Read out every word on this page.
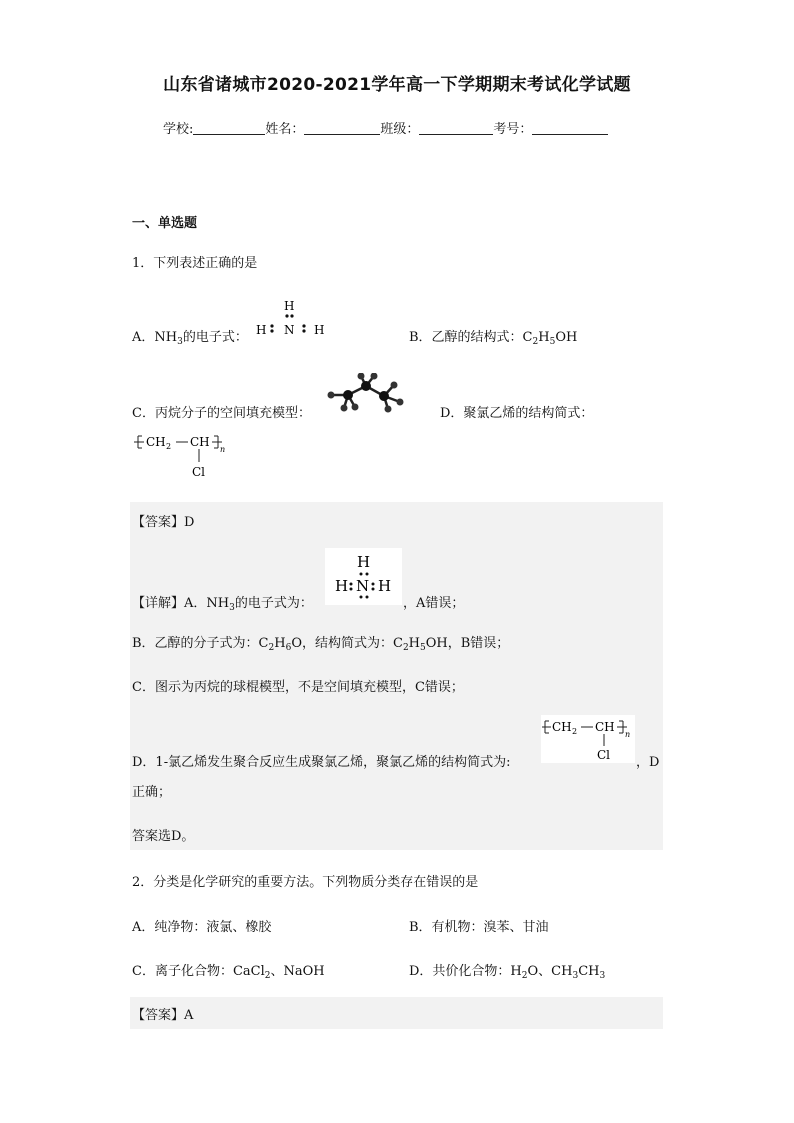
山东省诸城市2020-2021学年高一下学期期末考试化学试题
学校:	姓名：	班级：	考号：
一、单选题
1．下列表述正确的是
A．$NH_3$的电子式：
H
H N H	B．乙醇的结构式：$C_2H_5OH$
C．丙烷分子的空间填充模型：	D．聚氯乙烯的结构简式：
CH 2 CH
n
Cl
【答案】D
H
H N H
【详解】A．$NH_3$的电子式为：	，A错误；
B．乙醇的分子式为：$C_2H_6O$，结构简式为：$C_2H_5OH$，B错误；
C．图示为丙烷的球棍模型，不是空间填充模型，C错误；
CH 2 CH
n
Cl
D．1-氯乙烯发生聚合反应生成聚氯乙烯，聚氯乙烯的结构简式为:	，D
正确；
答案选D。
2．分类是化学研究的重要方法。下列物质分类存在错误的是
A．纯净物：液氯、橡胶	B．有机物：溴苯、甘油
C．离子化合物：CaCl$_2$、NaOH	D．共价化合物：$H_2O$、$CH_3CH_3$
【答案】A
